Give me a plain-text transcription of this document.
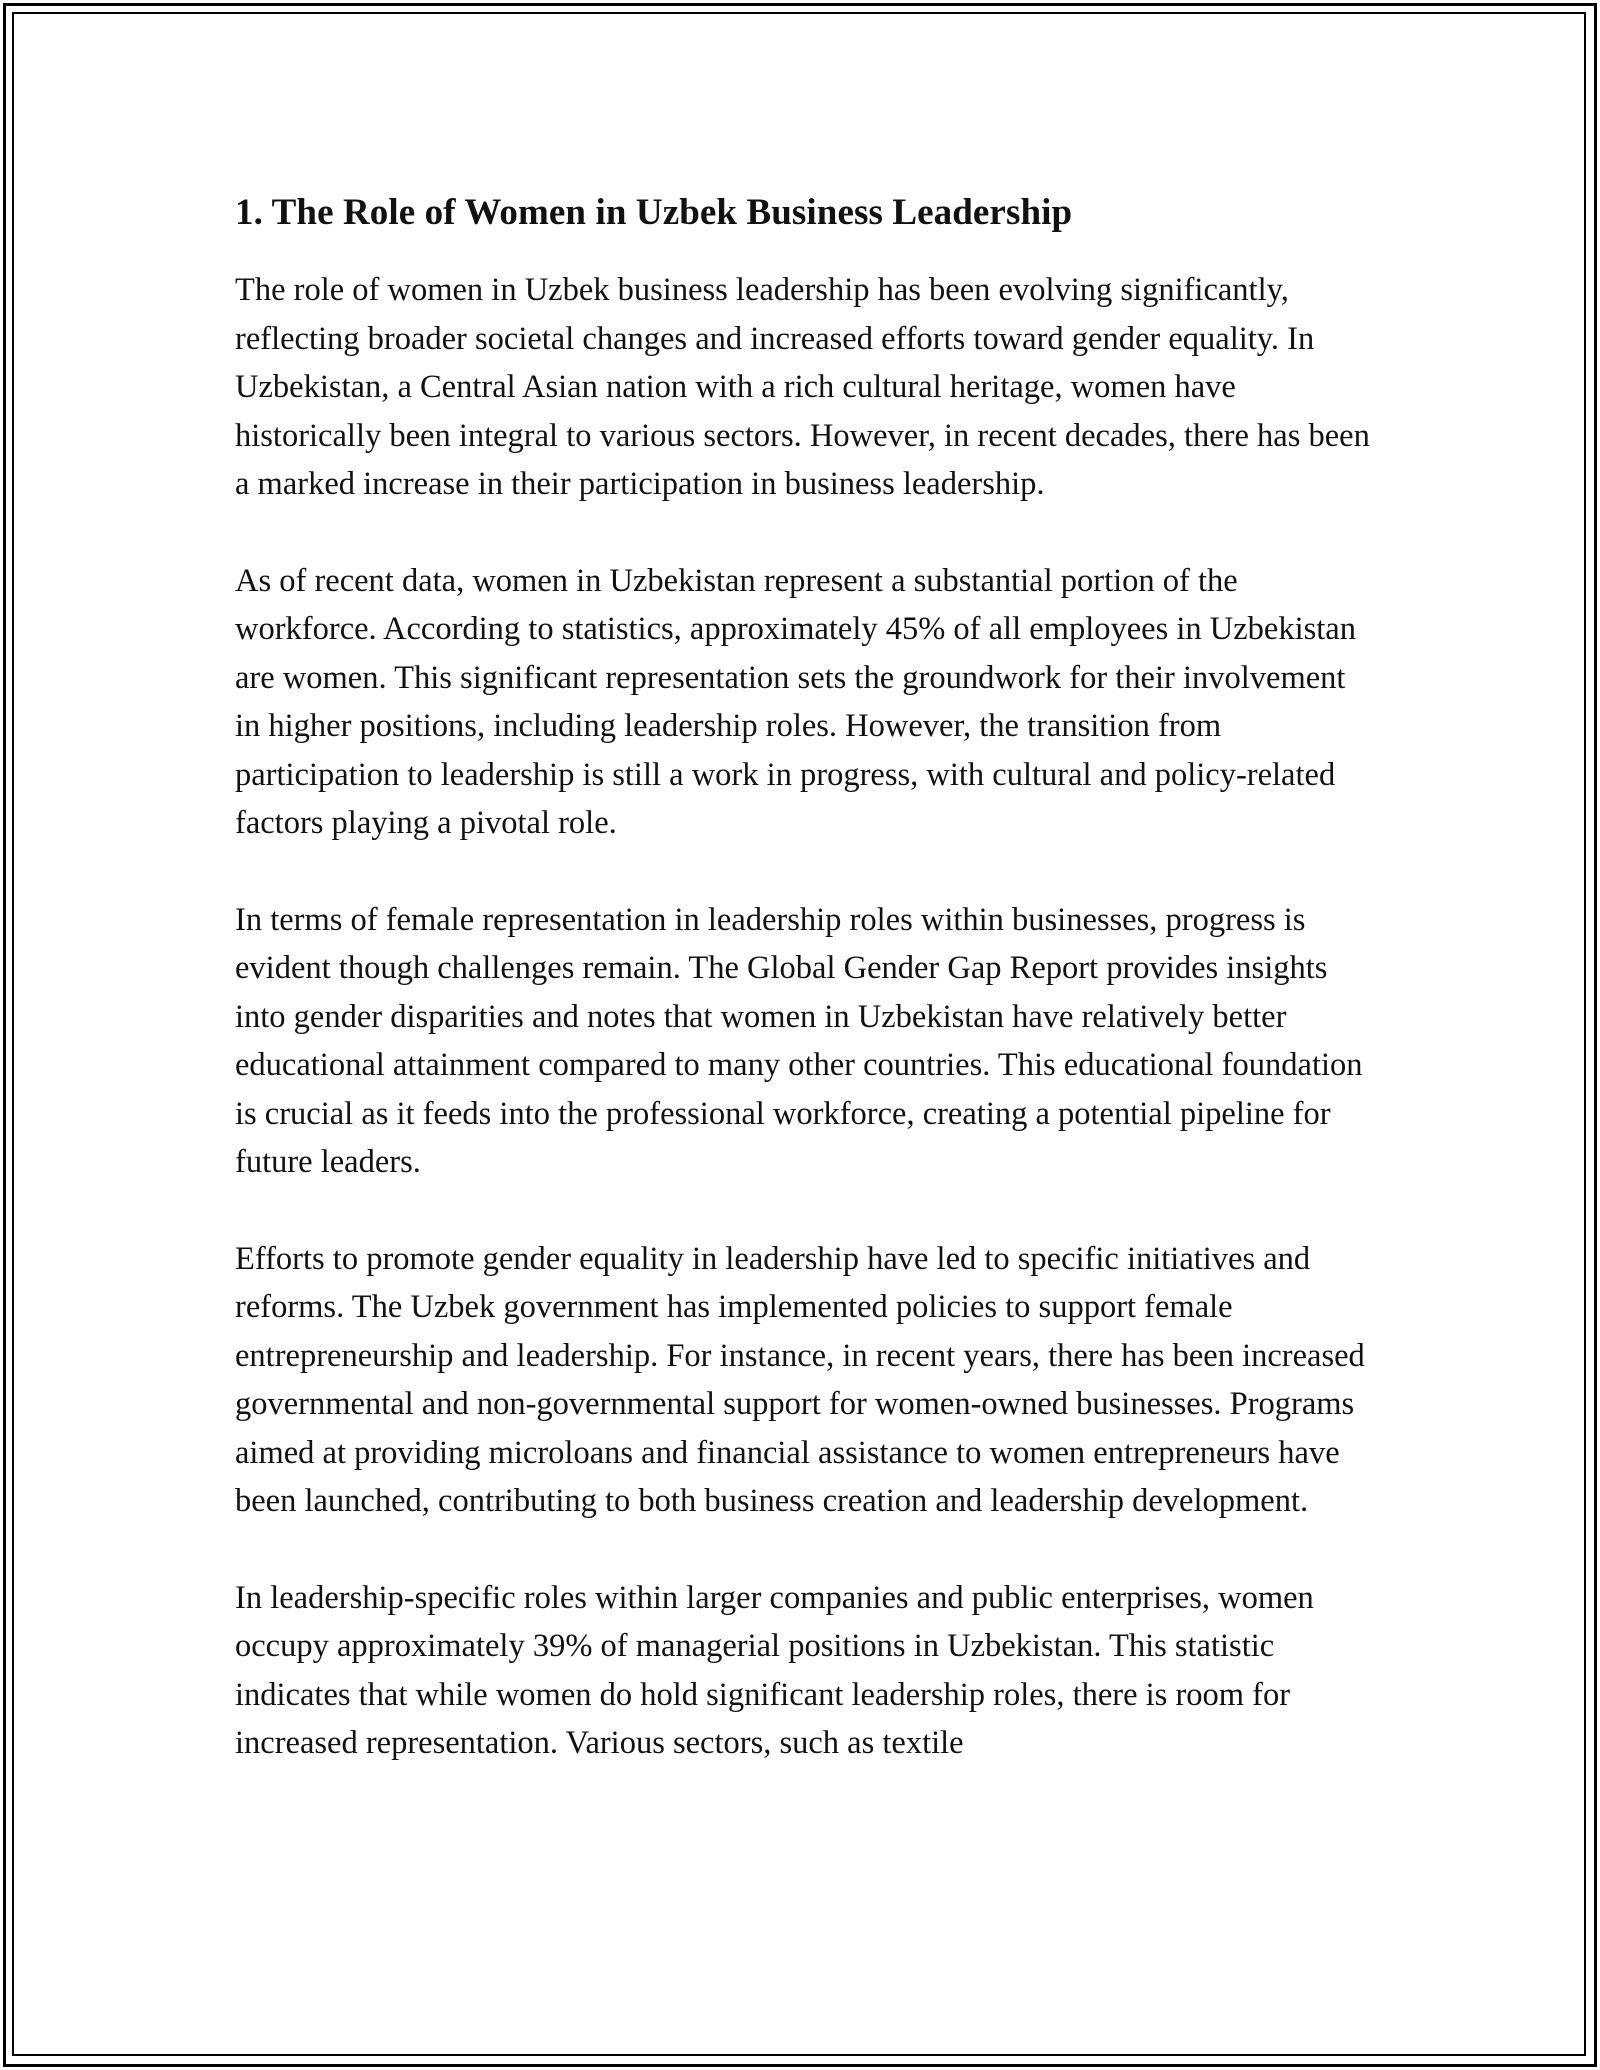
1. The Role of Women in Uzbek Business Leadership

The role of women in Uzbek business leadership has been evolving significantly, reflecting broader societal changes and increased efforts toward gender equality. In Uzbekistan, a Central Asian nation with a rich cultural heritage, women have historically been integral to various sectors. However, in recent decades, there has been a marked increase in their participation in business leadership.

As of recent data, women in Uzbekistan represent a substantial portion of the workforce. According to statistics, approximately 45% of all employees in Uzbekistan are women. This significant representation sets the groundwork for their involvement in higher positions, including leadership roles. However, the transition from participation to leadership is still a work in progress, with cultural and policy-related factors playing a pivotal role.

In terms of female representation in leadership roles within businesses, progress is evident though challenges remain. The Global Gender Gap Report provides insights into gender disparities and notes that women in Uzbekistan have relatively better educational attainment compared to many other countries. This educational foundation is crucial as it feeds into the professional workforce, creating a potential pipeline for future leaders.

Efforts to promote gender equality in leadership have led to specific initiatives and reforms. The Uzbek government has implemented policies to support female entrepreneurship and leadership. For instance, in recent years, there has been increased governmental and non-governmental support for women-owned businesses. Programs aimed at providing microloans and financial assistance to women entrepreneurs have been launched, contributing to both business creation and leadership development.

In leadership-specific roles within larger companies and public enterprises, women occupy approximately 39% of managerial positions in Uzbekistan. This statistic indicates that while women do hold significant leadership roles, there is room for increased representation. Various sectors, such as textile
